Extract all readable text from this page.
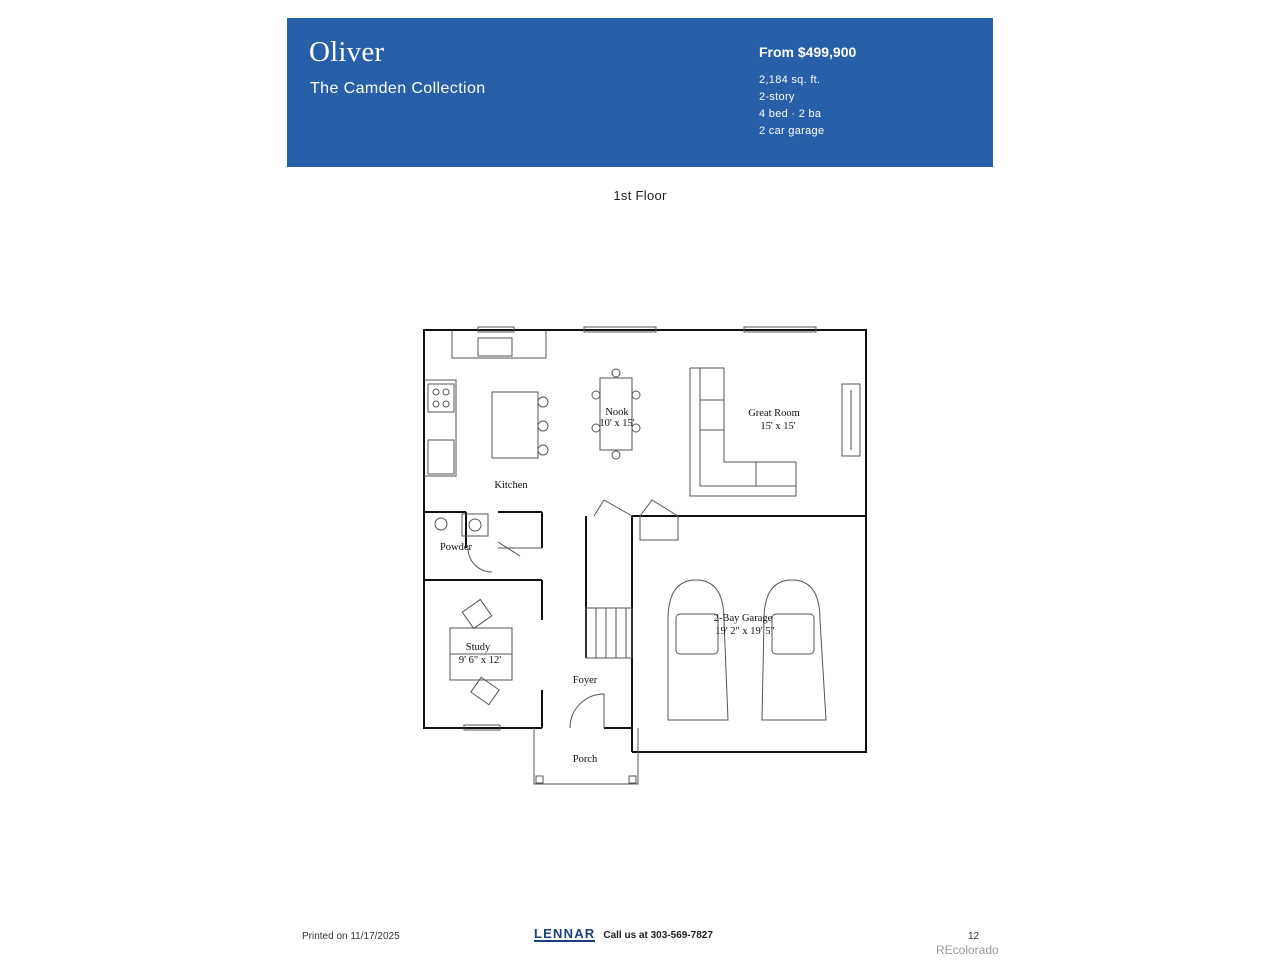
Oliver
The Camden Collection
From $499,900
2,184 sq. ft.
2-story
4 bed · 2 ba
2 car garage
1st Floor
Kitchen
Nook
10' x 15'
Great Room
15' x 15'
Powder
Study
9' 6" x 12'
Foyer
2-Bay Garage
19' 2" x 19' 5"
Porch
Printed on 11/17/2025	LENNAR Call us at 303-569-7827	12
REcolorado
